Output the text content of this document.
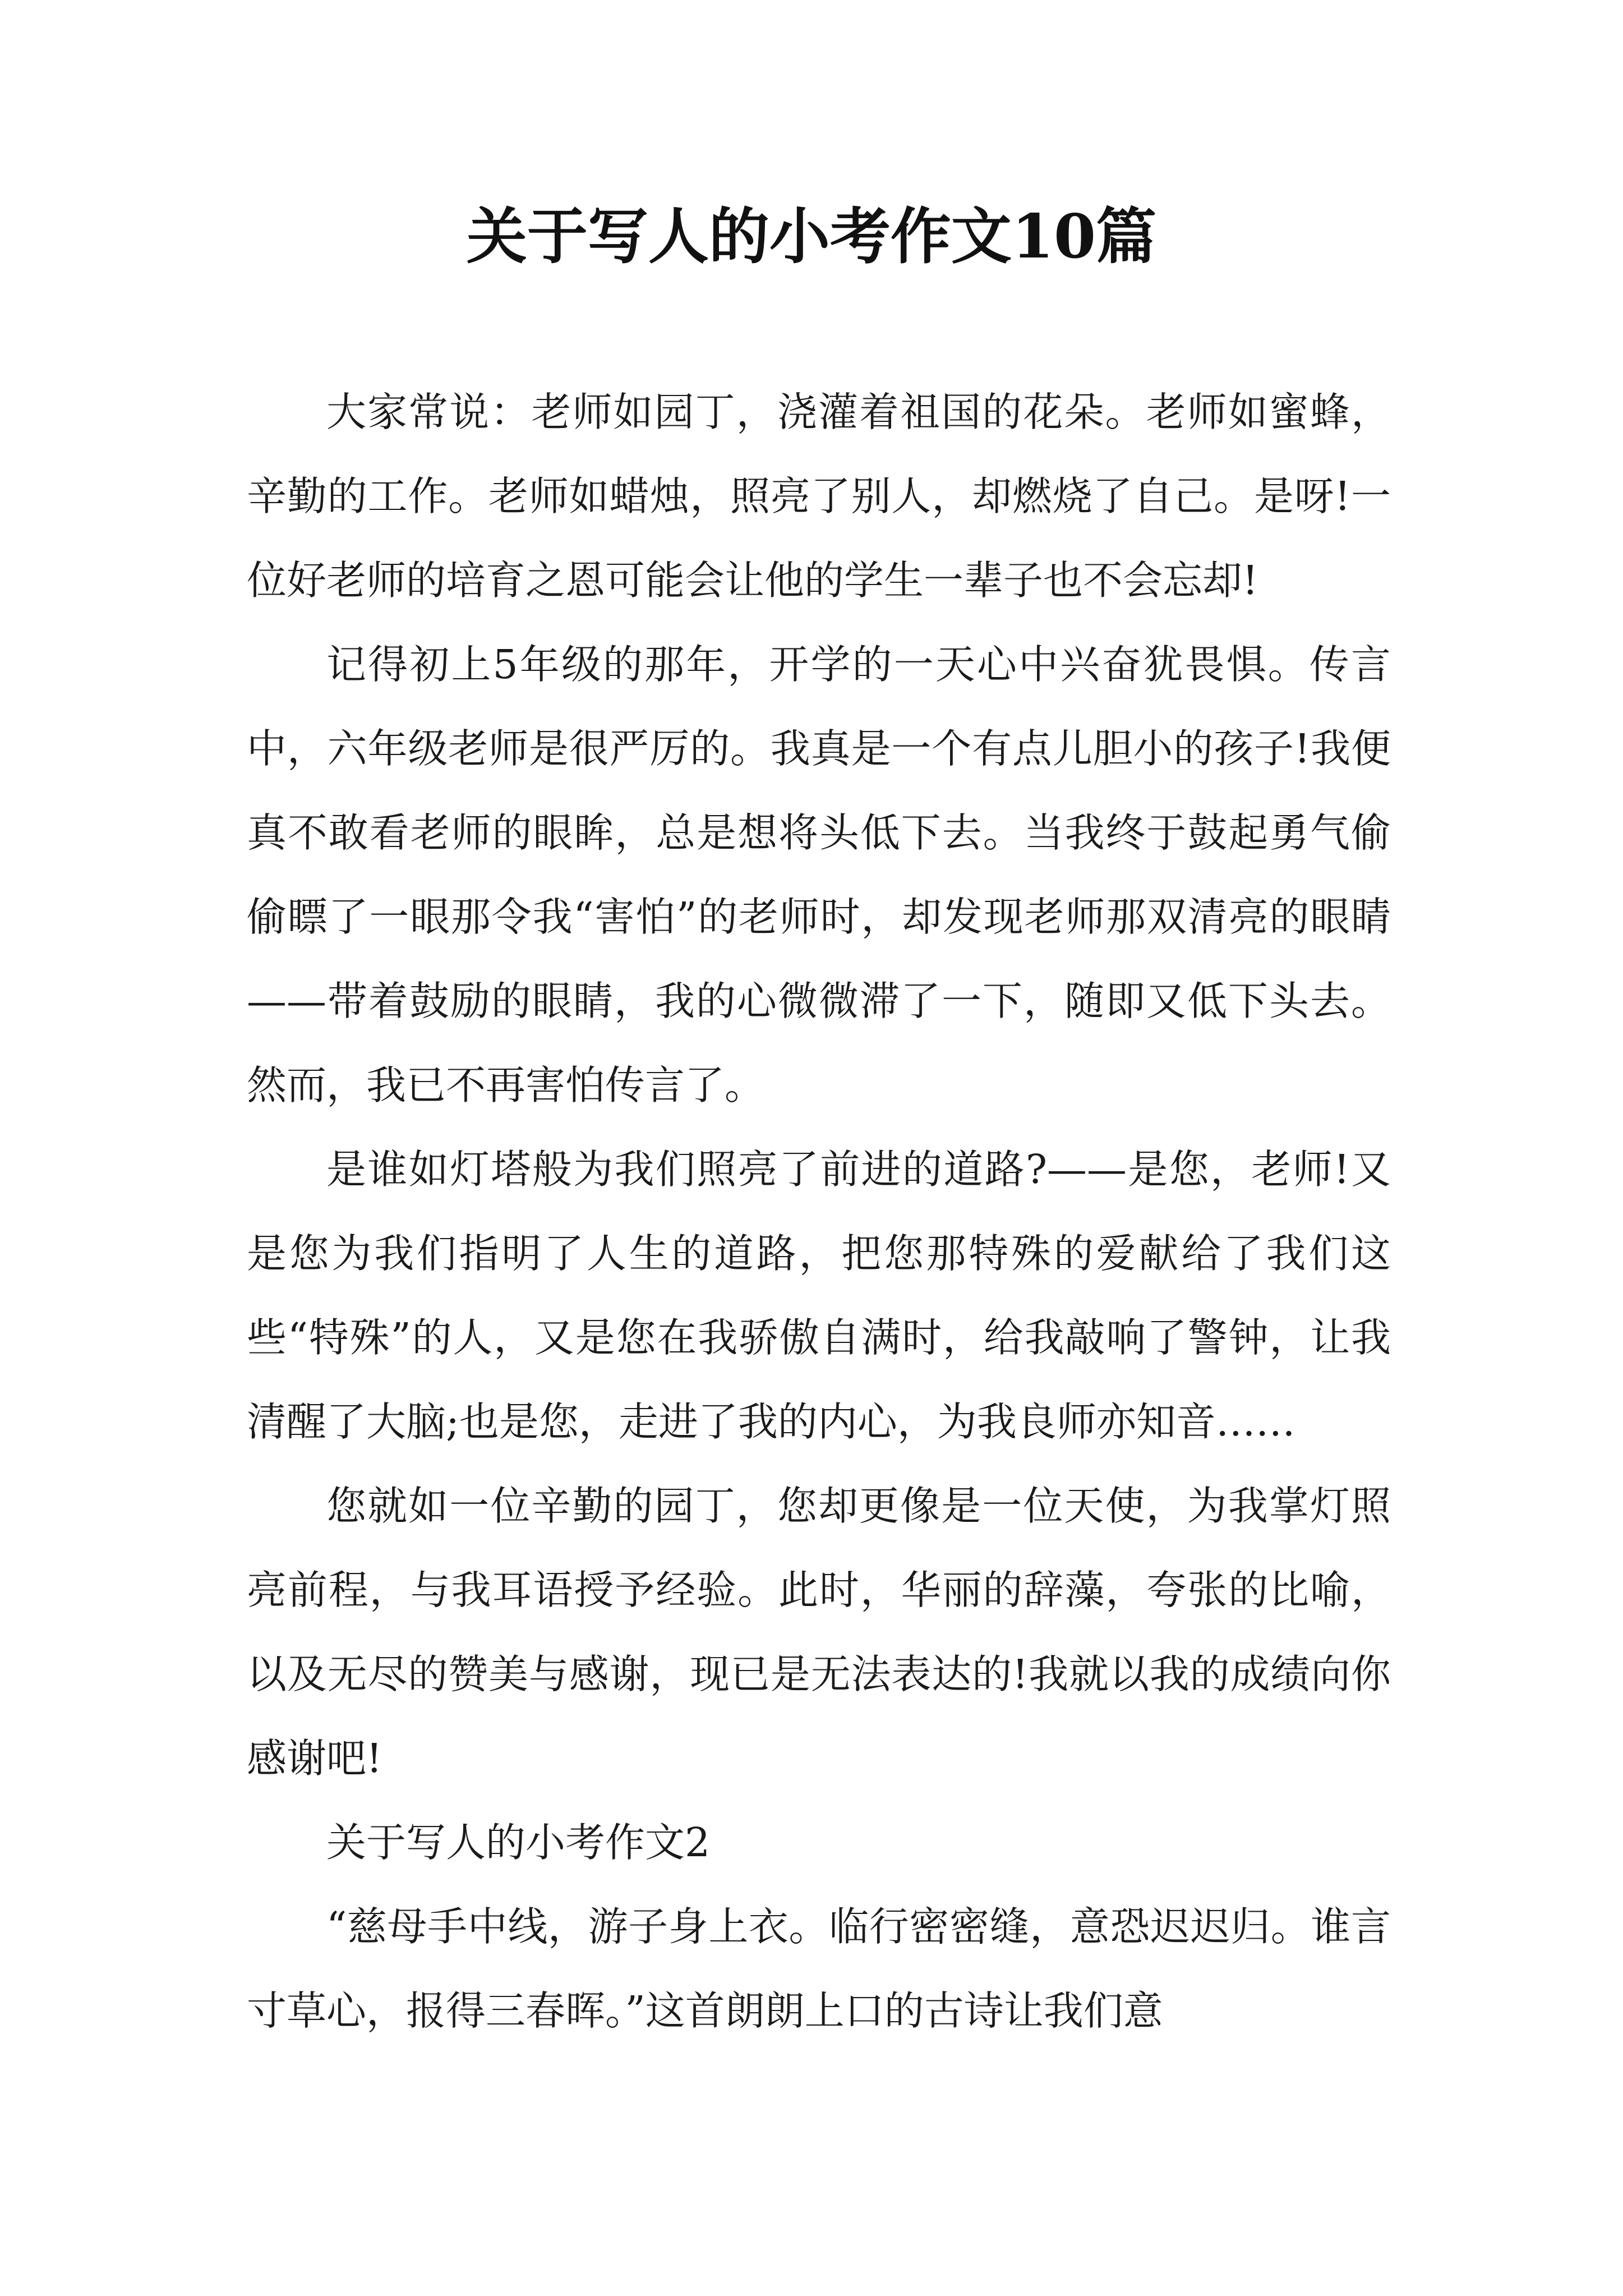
关于写人的小考作文10篇

大家常说：老师如园丁，浇灌着祖国的花朵。老师如蜜蜂，辛勤的工作。老师如蜡烛，照亮了别人，却燃烧了自己。是呀!一位好老师的培育之恩可能会让他的学生一辈子也不会忘却!

记得初上5年级的那年，开学的一天心中兴奋犹畏惧。传言中，六年级老师是很严厉的。我真是一个有点儿胆小的孩子!我便真不敢看老师的眼眸，总是想将头低下去。当我终于鼓起勇气偷偷瞟了一眼那令我“害怕”的老师时，却发现老师那双清亮的眼睛——带着鼓励的眼睛，我的心微微滞了一下，随即又低下头去。然而，我已不再害怕传言了。

是谁如灯塔般为我们照亮了前进的道路?——是您，老师!又是您为我们指明了人生的道路，把您那特殊的爱献给了我们这些“特殊”的人，又是您在我骄傲自满时，给我敲响了警钟，让我清醒了大脑;也是您，走进了我的内心，为我良师亦知音……

您就如一位辛勤的园丁，您却更像是一位天使，为我掌灯照亮前程，与我耳语授予经验。此时，华丽的辞藻，夸张的比喻，以及无尽的赞美与感谢，现已是无法表达的!我就以我的成绩向你感谢吧!

关于写人的小考作文2

“慈母手中线，游子身上衣。临行密密缝，意恐迟迟归。谁言寸草心，报得三春晖。”这首朗朗上口的古诗让我们意
